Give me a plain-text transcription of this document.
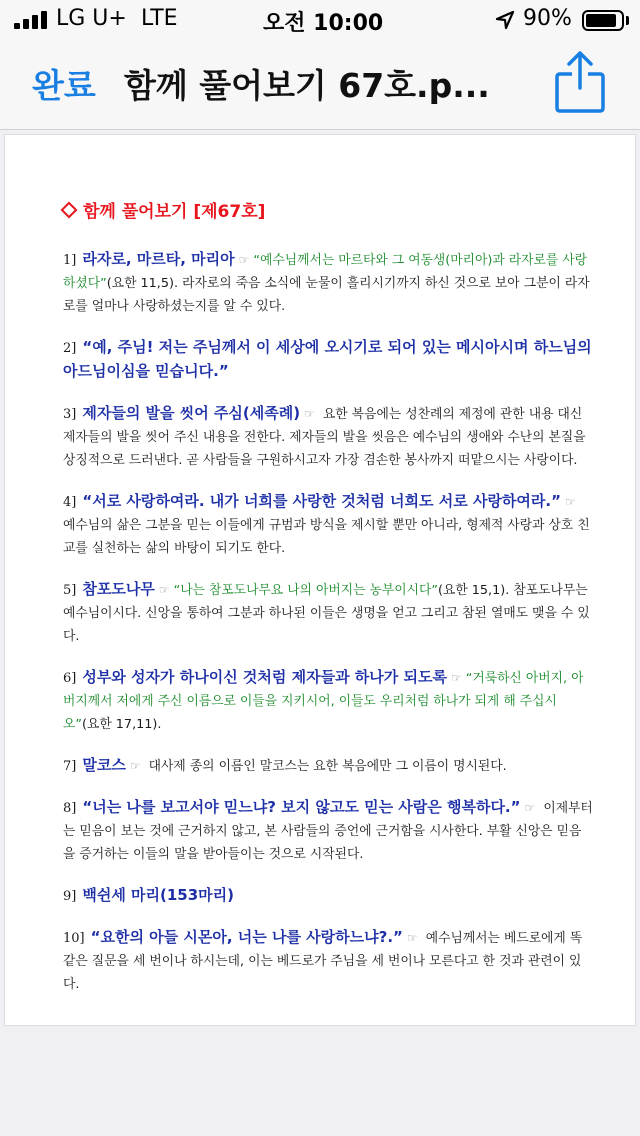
LG U+ LTE	오전 10:00	90%
완료 함께 풀어보기 67호.p...
함께 풀어보기 [제67호]
1] 라자로, 마르타, 마리아 ☞ “예수님께서는 마르타와 그 여동생(마리아)과 라자로를 사랑하셨다”(요한 11,5). 라자로의 죽음 소식에 눈물이 흘리시기까지 하신 것으로 보아 그분이 라자로를 얼마나 사랑하셨는지를 알 수 있다.
2] “예, 주님! 저는 주님께서 이 세상에 오시기로 되어 있는 메시아시며 하느님의 아드님이심을 믿습니다.”
3] 제자들의 발을 씻어 주심(세족례) ☞ 요한 복음에는 성찬례의 제정에 관한 내용 대신 제자들의 발을 씻어 주신 내용을 전한다. 제자들의 발을 씻음은 예수님의 생애와 수난의 본질을 상징적으로 드러낸다. 곧 사람들을 구원하시고자 가장 겸손한 봉사까지 떠맡으시는 사랑이다.
4] “서로 사랑하여라. 내가 너희를 사랑한 것처럼 너희도 서로 사랑하여라.” ☞ 예수님의 삶은 그분을 믿는 이들에게 규범과 방식을 제시할 뿐만 아니라, 형제적 사랑과 상호 친교를 실천하는 삶의 바탕이 되기도 한다.
5] 참포도나무 ☞ “나는 참포도나무요 나의 아버지는 농부이시다”(요한 15,1). 참포도나무는 예수님이시다. 신앙을 통하여 그분과 하나된 이들은 생명을 얻고 그리고 참된 열매도 맺을 수 있다.
6] 성부와 성자가 하나이신 것처럼 제자들과 하나가 되도록 ☞ “거룩하신 아버지, 아버지께서 저에게 주신 이름으로 이들을 지키시어, 이들도 우리처럼 하나가 되게 해 주십시오”(요한 17,11).
7] 말코스 ☞ 대사제 종의 이름인 말코스는 요한 복음에만 그 이름이 명시된다.
8] “너는 나를 보고서야 믿느냐? 보지 않고도 믿는 사람은 행복하다.” ☞ 이제부터는 믿음이 보는 것에 근거하지 않고, 본 사람들의 증언에 근거함을 시사한다. 부활 신앙은 믿음을 증거하는 이들의 말을 받아들이는 것으로 시작된다.
9] 백쉰세 마리(153마리)
10] “요한의 아들 시몬아, 너는 나를 사랑하느냐?.” ☞ 예수님께서는 베드로에게 똑같은 질문을 세 번이나 하시는데, 이는 베드로가 주님을 세 번이나 모른다고 한 것과 관련이 있다.
